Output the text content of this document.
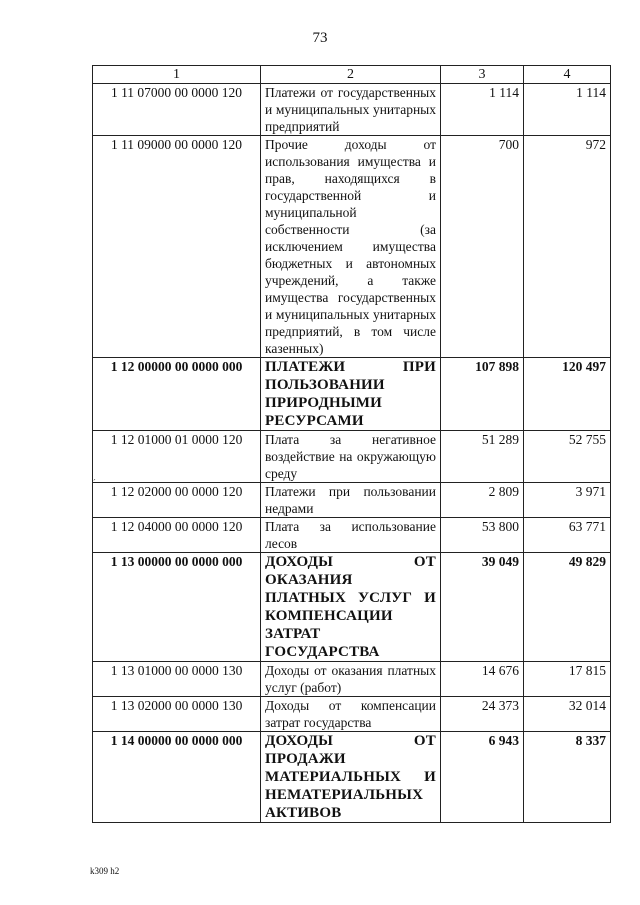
73
1	2	3	4
1 11 07000 00 0000 120	Платежи от государственных и муниципальных унитарных предприятий	1 114	1 114
1 11 09000 00 0000 120	Прочие доходы от использования имущества и прав, находящихся в государственной и муниципальной собственности (за исключением имущества бюджетных и автономных учреждений, а также имущества государственных и муниципальных унитарных предприятий, в том числе казенных)	700	972
1 12 00000 00 0000 000	ПЛАТЕЖИ ПРИ ПОЛЬЗОВАНИИ ПРИРОДНЫМИ РЕСУРСАМИ	107 898	120 497
1 12 01000 01 0000 120	Плата за негативное воздействие на окружающую среду	51 289	52 755
1 12 02000 00 0000 120	Платежи при пользовании недрами	2 809	3 971
1 12 04000 00 0000 120	Плата за использование лесов	53 800	63 771
1 13 00000 00 0000 000	ДОХОДЫ ОТ ОКАЗАНИЯ ПЛАТНЫХ УСЛУГ И КОМПЕНСАЦИИ ЗАТРАТ ГОСУДАРСТВА	39 049	49 829
1 13 01000 00 0000 130	Доходы от оказания платных услуг (работ)	14 676	17 815
1 13 02000 00 0000 130	Доходы от компенсации затрат государства	24 373	32 014
1 14 00000 00 0000 000	ДОХОДЫ ОТ ПРОДАЖИ МАТЕРИАЛЬНЫХ И НЕМАТЕРИАЛЬНЫХ АКТИВОВ	6 943	8 337
ˊ
k309 h2
